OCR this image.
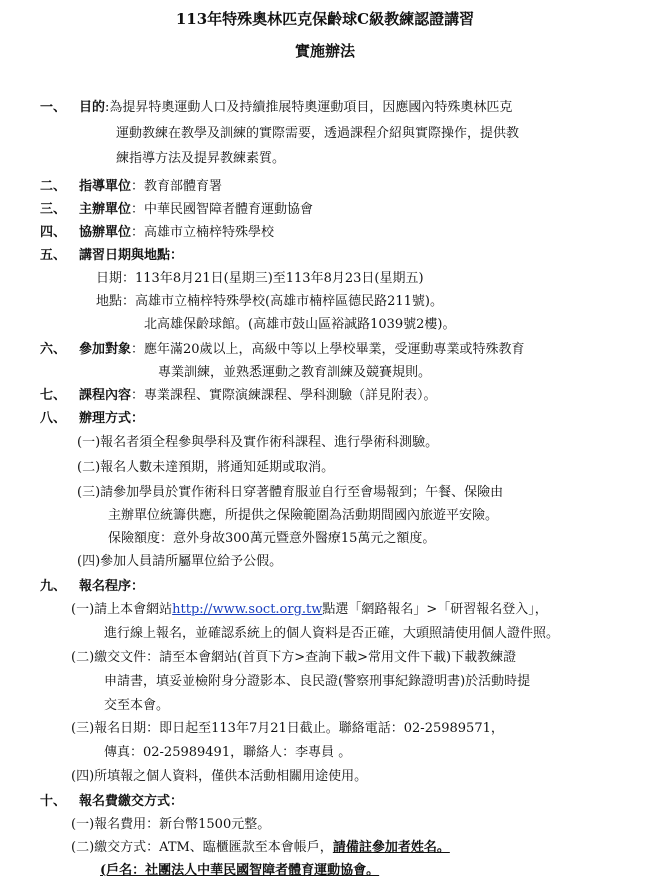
113年特殊奧林匹克保齡球C級教練認證講習
實施辦法
一、 目的:為提昇特奧運動人口及持續推展特奧運動項目，因應國內特殊奧林匹克
運動教練在教學及訓練的實際需要，透過課程介紹與實際操作，提供教
練指導方法及提昇教練素質。
二、 指導單位：教育部體育署
三、 主辦單位：中華民國智障者體育運動協會
四、 協辦單位：高雄市立楠梓特殊學校
五、 講習日期與地點：
日期：113年8月21日(星期三)至113年8月23日(星期五)
地點：高雄市立楠梓特殊學校(高雄市楠梓區德民路211號)。
北高雄保齡球館。(高雄市鼓山區裕誠路1039號2樓)。
六、 參加對象：應年滿20歲以上，高級中等以上學校畢業，受運動專業或特殊教育
專業訓練，並熟悉運動之教育訓練及競賽規則。
七、 課程內容：專業課程、實際演練課程、學科測驗（詳見附表）。
八、 辦理方式：
(一)報名者須全程參與學科及實作術科課程、進行學術科測驗。
(二)報名人數未達預期，將通知延期或取消。
(三)請參加學員於實作術科日穿著體育服並自行至會場報到；午餐、保險由
主辦單位統籌供應，所提供之保險範圍為活動期間國內旅遊平安險。
保險額度：意外身故300萬元暨意外醫療15萬元之額度。
(四)參加人員請所屬單位給予公假。
九、 報名程序：
(一)請上本會網站http://www.soct.org.tw點選「網路報名」>「研習報名登入」，
進行線上報名，並確認系統上的個人資料是否正確，大頭照請使用個人證件照。
(二)繳交文件：請至本會網站(首頁下方>查詢下載>常用文件下載)下載教練證
申請書，填妥並檢附身分證影本、良民證(警察刑事紀錄證明書)於活動時提
交至本會。
(三)報名日期：即日起至113年7月21日截止。聯絡電話：02-25989571，
傳真：02-25989491，聯絡人：李專員 。
(四)所填報之個人資料，僅供本活動相關用途使用。
十、 報名費繳交方式：
(一)報名費用：新台幣1500元整。
(二)繳交方式：ATM、臨櫃匯款至本會帳戶，請備註參加者姓名。
(戶名：社團法人中華民國智障者體育運動協會。
